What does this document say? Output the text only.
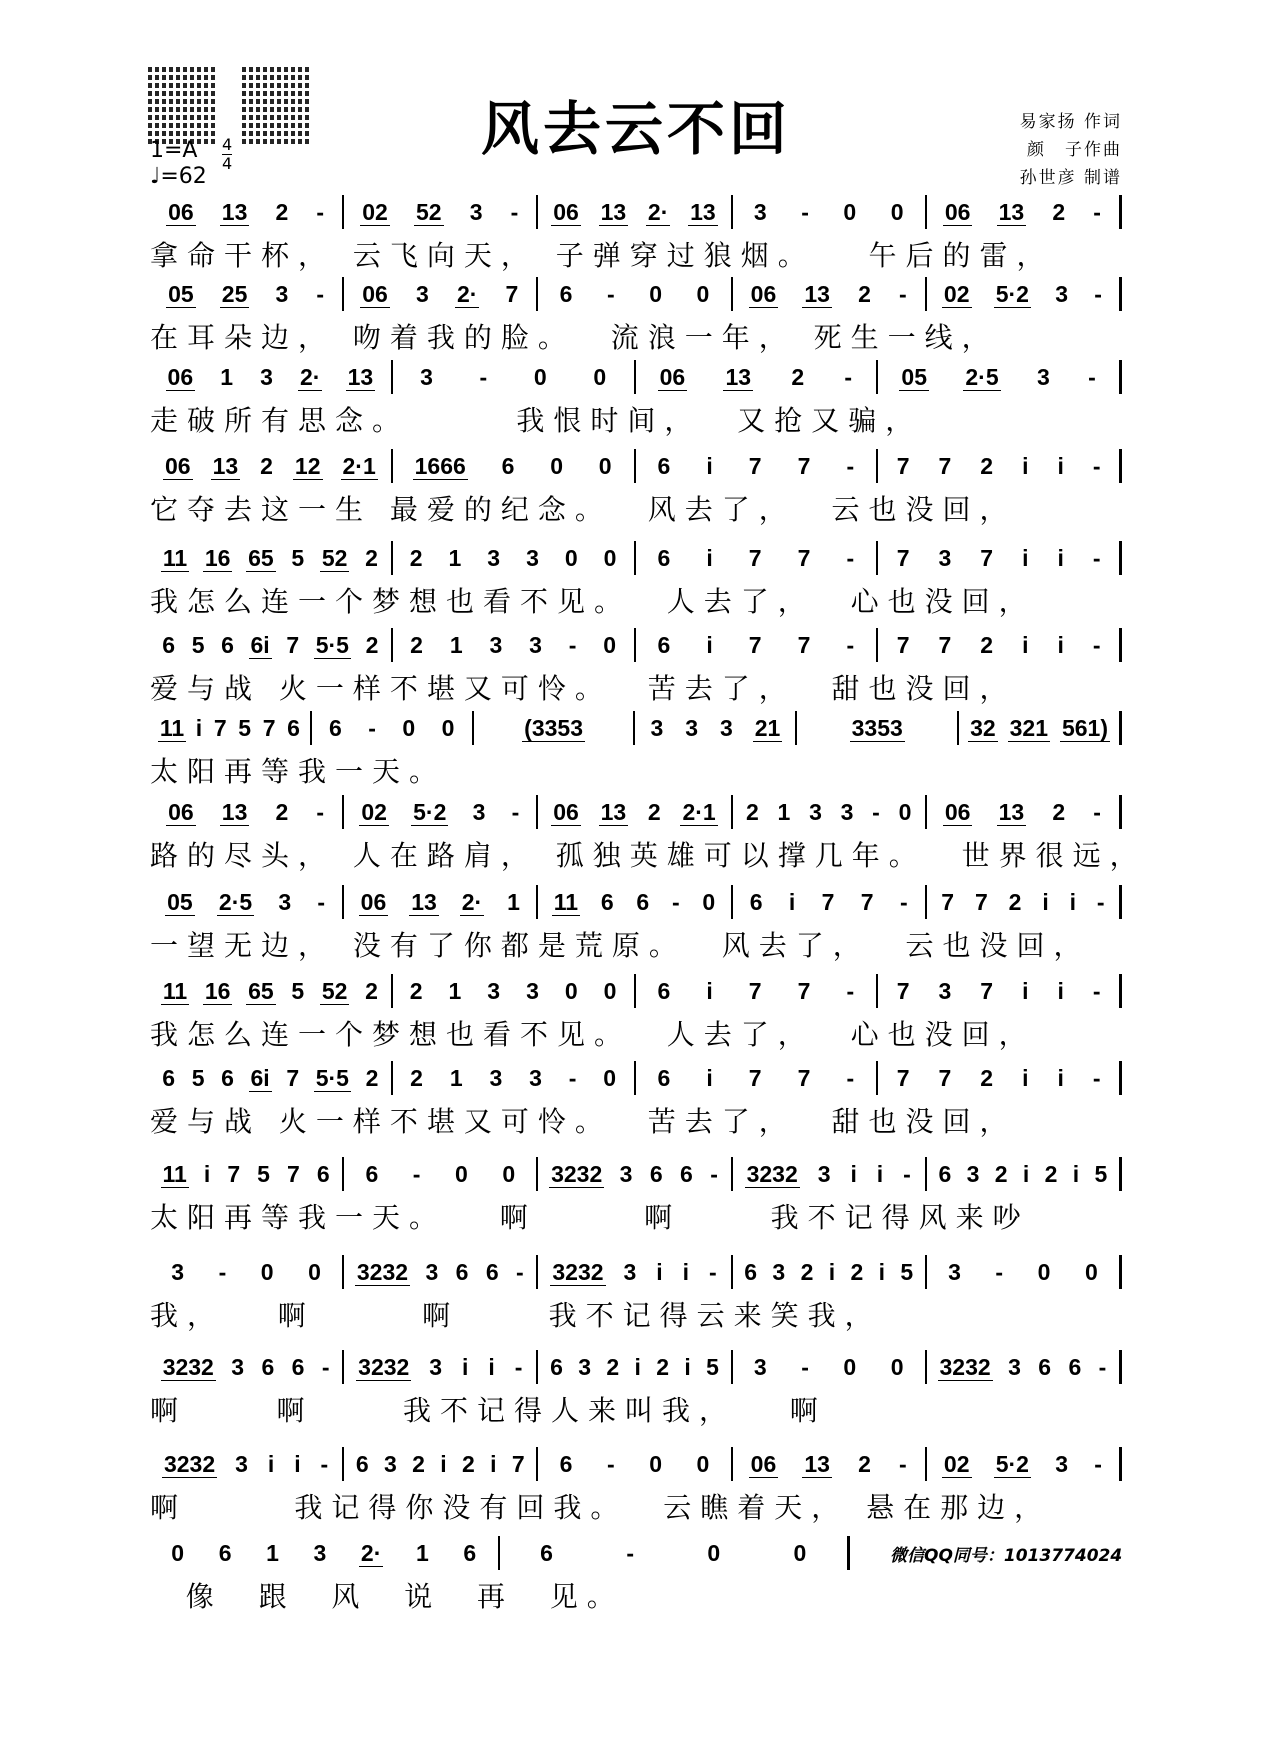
风去云不回	易家扬 作词
颜　子作曲
孙世彦 制谱
1=A
♩=62
4
4
06 13 2 - 02 52 3 - 06 13 2· 13 3 - 0 0 06 13 2 -
拿命干杯， 云飞向天， 子弹穿过狼烟。   午后的雷，
05 25 3 - 06 3 2· 7 6 - 0 0 06 13 2 - 02 5·2 3 -
在耳朵边， 吻着我的脸。  流浪一年， 死生一线，
06 1 3 2· 13 3 - 0 0 06 13 2 - 05 2·5 3 -
走破所有思念。      我恨时间，  又抢又骗，
06 13 2 12 2·1 1666 6 0 0 6 i 7 7 - 7 7 2 i i -
它夺去这一生 最爱的纪念。  风去了，  云也没回，
11 16 65 5 52 2 2 1 3 3 0 0 6 i 7 7 - 7 3 7 i i -
我怎么连一个梦想也看不见。  人去了，  心也没回，
6 5 6 6i 7 5·5 2 2 1 3 3 - 0 6 i 7 7 - 7 7 2 i i -
爱与战 火一样不堪又可怜。  苦去了，  甜也没回，
11 i 7 5 7 6 6 - 0 0	(3353	3 3 3 21	3353	32 321 561)
太阳再等我一天。
06 13 2 - 02 5·2 3 - 06 13 2 2·1 2 1 3 3 - 0 06 13 2 -
路的尽头， 人在路肩， 孤独英雄可以撑几年。  世界很远，
05 2·5 3 - 06 13 2· 1 11 6 6 - 0 6 i 7 7 - 7 7 2 i i -
一望无边， 没有了你都是荒原。  风去了，  云也没回，
11 16 65 5 52 2 2 1 3 3 0 0 6 i 7 7 - 7 3 7 i i -
我怎么连一个梦想也看不见。  人去了，  心也没回，
6 5 6 6i 7 5·5 2 2 1 3 3 - 0 6 i 7 7 - 7 7 2 i i -
爱与战 火一样不堪又可怜。  苦去了，  甜也没回，
11 i 7 5 7 6 6 - 0 0 3232 3 6 6 - 3232 3 i i - 6 3 2 i 2 i 5
太阳再等我一天。   啊      啊     我不记得风来吵
3 - 0 0 3232 3 6 6 - 3232 3 i i - 6 3 2 i 2 i 5 3 - 0 0
我，   啊      啊     我不记得云来笑我，
3232 3 6 6 - 3232 3 i i - 6 3 2 i 2 i 5 3 - 0 0 3232 3 6 6 -
啊     啊     我不记得人来叫我，   啊
3232 3 i i - 6 3 2 i 2 i 7 6 - 0 0 06 13 2 - 02 5·2 3 -
啊      我记得你没有回我。  云瞧着天， 悬在那边，
0 6 1 3 2· 1 6	6	-	0	0
像  跟  风  说  再  见。
微信QQ同号：1013774024
